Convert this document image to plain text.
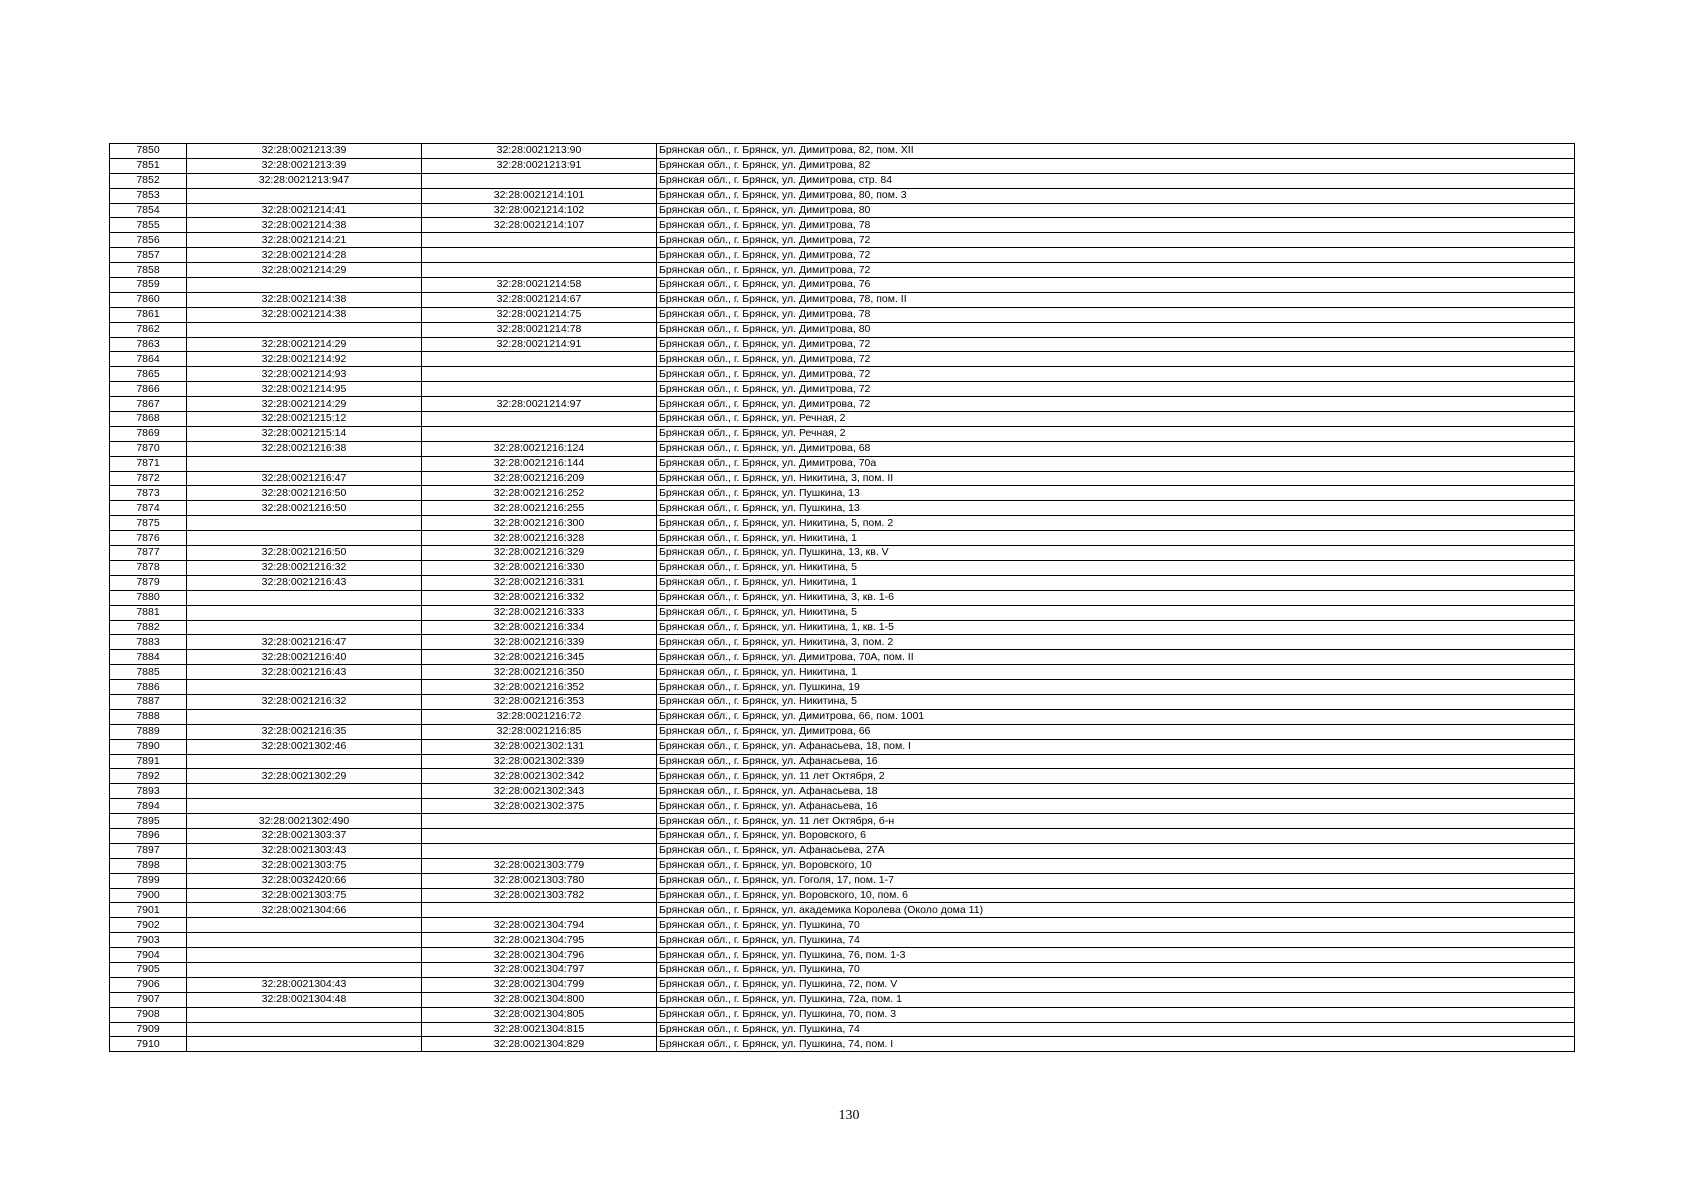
7850	32:28:0021213:39	32:28:0021213:90	Брянская обл., г. Брянск, ул. Димитрова, 82, пом. XII
7851	32:28:0021213:39	32:28:0021213:91	Брянская обл., г. Брянск, ул. Димитрова, 82
7852	32:28:0021213:947		Брянская обл., г. Брянск, ул. Димитрова, стр. 84
7853		32:28:0021214:101	Брянская обл., г. Брянск, ул. Димитрова, 80, пом. 3
7854	32:28:0021214:41	32:28:0021214:102	Брянская обл., г. Брянск, ул. Димитрова, 80
7855	32:28:0021214:38	32:28:0021214:107	Брянская обл., г. Брянск, ул. Димитрова, 78
7856	32:28:0021214:21		Брянская обл., г. Брянск, ул. Димитрова, 72
7857	32:28:0021214:28		Брянская обл., г. Брянск, ул. Димитрова, 72
7858	32:28:0021214:29		Брянская обл., г. Брянск, ул. Димитрова, 72
7859		32:28:0021214:58	Брянская обл., г. Брянск, ул. Димитрова, 76
7860	32:28:0021214:38	32:28:0021214:67	Брянская обл., г. Брянск, ул. Димитрова, 78, пом. II
7861	32:28:0021214:38	32:28:0021214:75	Брянская обл., г. Брянск, ул. Димитрова, 78
7862		32:28:0021214:78	Брянская обл., г. Брянск, ул. Димитрова, 80
7863	32:28:0021214:29	32:28:0021214:91	Брянская обл., г. Брянск, ул. Димитрова, 72
7864	32:28:0021214:92		Брянская обл., г. Брянск, ул. Димитрова, 72
7865	32:28:0021214:93		Брянская обл., г. Брянск, ул. Димитрова, 72
7866	32:28:0021214:95		Брянская обл., г. Брянск, ул. Димитрова, 72
7867	32:28:0021214:29	32:28:0021214:97	Брянская обл., г. Брянск, ул. Димитрова, 72
7868	32:28:0021215:12		Брянская обл., г. Брянск, ул. Речная, 2
7869	32:28:0021215:14		Брянская обл., г. Брянск, ул. Речная, 2
7870	32:28:0021216:38	32:28:0021216:124	Брянская обл., г. Брянск, ул. Димитрова, 68
7871		32:28:0021216:144	Брянская обл., г. Брянск, ул. Димитрова, 70а
7872	32:28:0021216:47	32:28:0021216:209	Брянская обл., г. Брянск, ул. Никитина, 3, пом. II
7873	32:28:0021216:50	32:28:0021216:252	Брянская обл., г. Брянск, ул. Пушкина, 13
7874	32:28:0021216:50	32:28:0021216:255	Брянская обл., г. Брянск, ул. Пушкина, 13
7875		32:28:0021216:300	Брянская обл., г. Брянск, ул. Никитина, 5, пом. 2
7876		32:28:0021216:328	Брянская обл., г. Брянск, ул. Никитина, 1
7877	32:28:0021216:50	32:28:0021216:329	Брянская обл., г. Брянск, ул. Пушкина, 13, кв. V
7878	32:28:0021216:32	32:28:0021216:330	Брянская обл., г. Брянск, ул. Никитина, 5
7879	32:28:0021216:43	32:28:0021216:331	Брянская обл., г. Брянск, ул. Никитина, 1
7880		32:28:0021216:332	Брянская обл., г. Брянск, ул. Никитина, 3, кв. 1-6
7881		32:28:0021216:333	Брянская обл., г. Брянск, ул. Никитина, 5
7882		32:28:0021216:334	Брянская обл., г. Брянск, ул. Никитина, 1, кв. 1-5
7883	32:28:0021216:47	32:28:0021216:339	Брянская обл., г. Брянск, ул. Никитина, 3, пом. 2
7884	32:28:0021216:40	32:28:0021216:345	Брянская обл., г. Брянск, ул. Димитрова, 70А, пом. II
7885	32:28:0021216:43	32:28:0021216:350	Брянская обл., г. Брянск, ул. Никитина, 1
7886		32:28:0021216:352	Брянская обл., г. Брянск, ул. Пушкина, 19
7887	32:28:0021216:32	32:28:0021216:353	Брянская обл., г. Брянск, ул. Никитина, 5
7888		32:28:0021216:72	Брянская обл., г. Брянск, ул. Димитрова, 66, пом. 1001
7889	32:28:0021216:35	32:28:0021216:85	Брянская обл., г. Брянск, ул. Димитрова, 66
7890	32:28:0021302:46	32:28:0021302:131	Брянская обл., г. Брянск, ул. Афанасьева, 18, пом. I
7891		32:28:0021302:339	Брянская обл., г. Брянск, ул. Афанасьева, 16
7892	32:28:0021302:29	32:28:0021302:342	Брянская обл., г. Брянск, ул. 11 лет Октября, 2
7893		32:28:0021302:343	Брянская обл., г. Брянск, ул. Афанасьева, 18
7894		32:28:0021302:375	Брянская обл., г. Брянск, ул. Афанасьева, 16
7895	32:28:0021302:490		Брянская обл., г. Брянск, ул. 11 лет Октября, б-н
7896	32:28:0021303:37		Брянская обл., г. Брянск, ул. Воровского, 6
7897	32:28:0021303:43		Брянская обл., г. Брянск, ул. Афанасьева, 27А
7898	32:28:0021303:75	32:28:0021303:779	Брянская обл., г. Брянск, ул. Воровского, 10
7899	32:28:0032420:66	32:28:0021303:780	Брянская обл., г. Брянск, ул. Гоголя, 17, пом. 1-7
7900	32:28:0021303:75	32:28:0021303:782	Брянская обл., г. Брянск, ул. Воровского, 10, пом. 6
7901	32:28:0021304:66		Брянская обл., г. Брянск, ул. академика Королева (Около дома 11)
7902		32:28:0021304:794	Брянская обл., г. Брянск, ул. Пушкина, 70
7903		32:28:0021304:795	Брянская обл., г. Брянск, ул. Пушкина, 74
7904		32:28:0021304:796	Брянская обл., г. Брянск, ул. Пушкина, 76, пом. 1-3
7905		32:28:0021304:797	Брянская обл., г. Брянск, ул. Пушкина, 70
7906	32:28:0021304:43	32:28:0021304:799	Брянская обл., г. Брянск, ул. Пушкина, 72, пом. V
7907	32:28:0021304:48	32:28:0021304:800	Брянская обл., г. Брянск, ул. Пушкина, 72а, пом. 1
7908		32:28:0021304:805	Брянская обл., г. Брянск, ул. Пушкина, 70, пом. 3
7909		32:28:0021304:815	Брянская обл., г. Брянск, ул. Пушкина, 74
7910		32:28:0021304:829	Брянская обл., г. Брянск, ул. Пушкина, 74, пом. I
130
